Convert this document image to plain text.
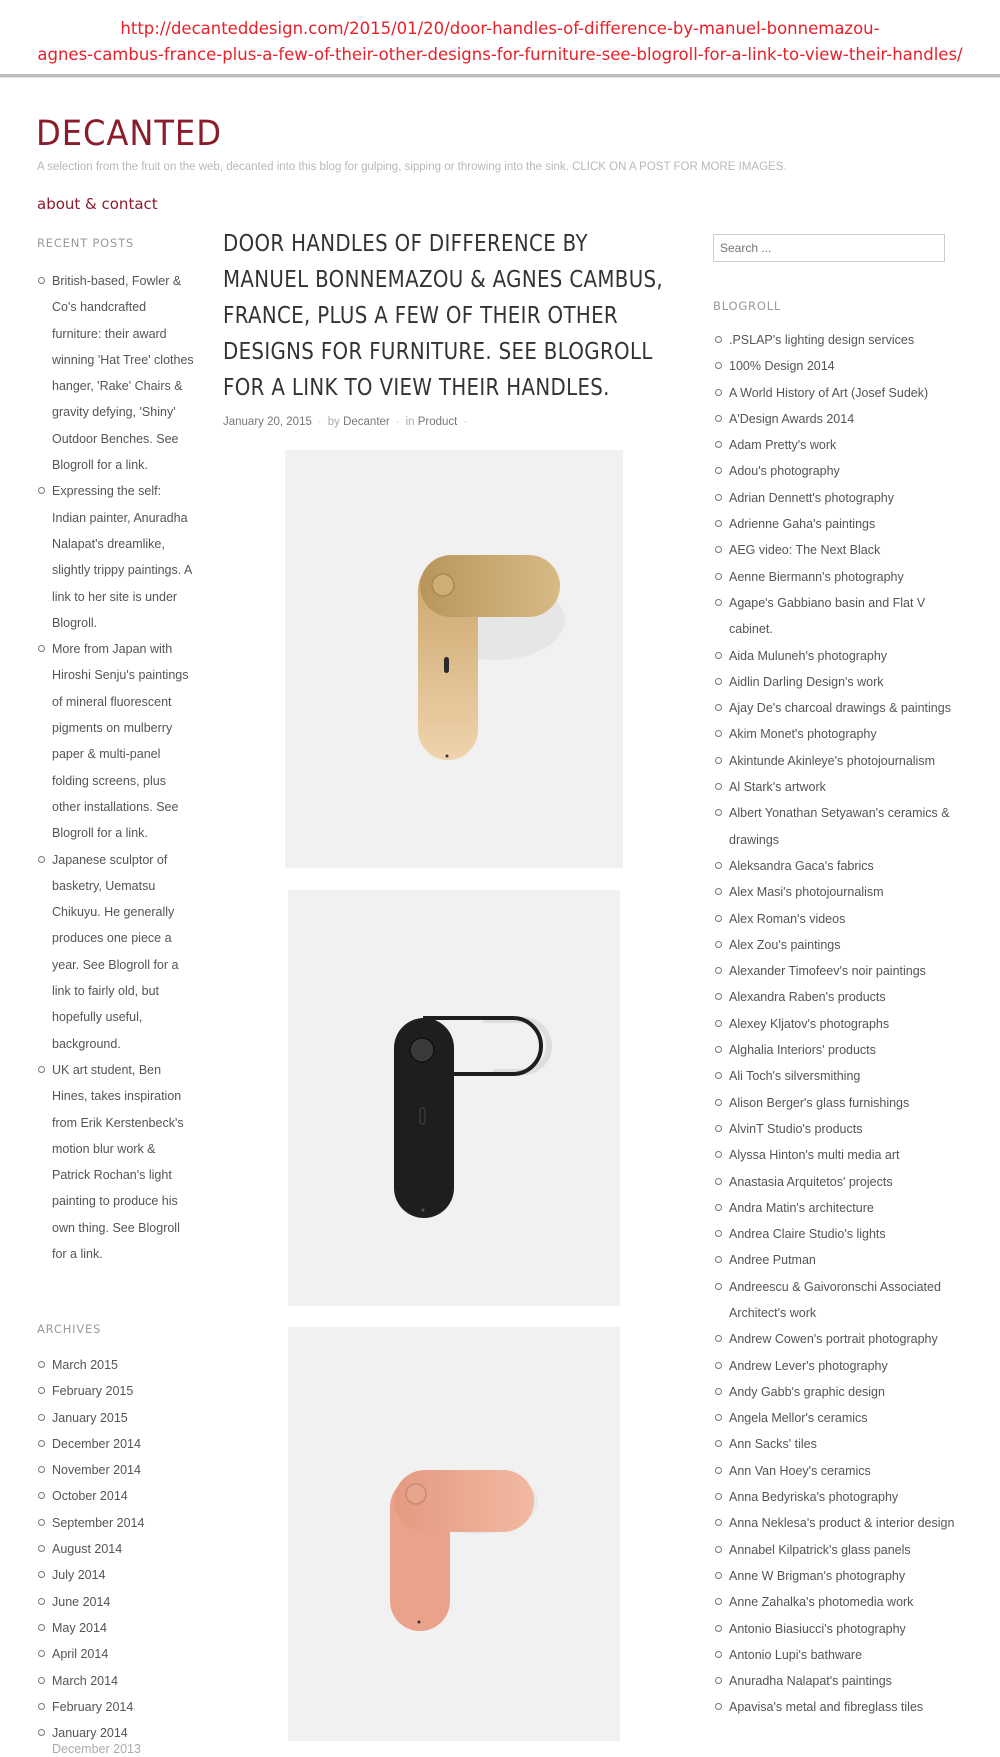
http://decanteddesign.com/2015/01/20/door-handles-of-difference-by-manuel-bonnemazou-
agnes-cambus-france-plus-a-few-of-their-other-designs-for-furniture-see-blogroll-for-a-link-to-view-their-handles/
DECANTED
A selection from the fruit on the web, decanted into this blog for gulping, sipping or throwing into the sink. CLICK ON A POST FOR MORE IMAGES.
about & contact
RECENT POSTS
British-based, Fowler & Co's handcrafted furniture: their award winning 'Hat Tree' clothes hanger, 'Rake' Chairs & gravity defying, 'Shiny' Outdoor Benches. See Blogroll for a link.
Expressing the self: Indian painter, Anuradha Nalapat's dreamlike, slightly trippy paintings. A link to her site is under Blogroll.
More from Japan with Hiroshi Senju's paintings of mineral fluorescent pigments on mulberry paper & multi-panel folding screens, plus other installations. See Blogroll for a link.
Japanese sculptor of basketry, Uematsu Chikuyu. He generally produces one piece a year. See Blogroll for a link to fairly old, but hopefully useful, background.
UK art student, Ben Hines, takes inspiration from Erik Kerstenbeck's motion blur work & Patrick Rochan's light painting to produce his own thing. See Blogroll for a link.
ARCHIVES
March 2015
February 2015
January 2015
December 2014
November 2014
October 2014
September 2014
August 2014
July 2014
June 2014
May 2014
April 2014
March 2014
February 2014
January 2014
December 2013
DOOR HANDLES OF DIFFERENCE BY MANUEL BONNEMAZOU & AGNES CAMBUS, FRANCE, PLUS A FEW OF THEIR OTHER DESIGNS FOR FURNITURE. SEE BLOGROLL FOR A LINK TO VIEW THEIR HANDLES.
January 20, 2015 · by Decanter · in Product ·
Search ...
BLOGROLL
.PSLAP's lighting design services
100% Design 2014
A World History of Art (Josef Sudek)
A'Design Awards 2014
Adam Pretty's work
Adou's photography
Adrian Dennett's photography
Adrienne Gaha's paintings
AEG video: The Next Black
Aenne Biermann's photography
Agape's Gabbiano basin and Flat V cabinet.
Aida Muluneh's photography
Aidlin Darling Design's work
Ajay De's charcoal drawings & paintings
Akim Monet's photography
Akintunde Akinleye's photojournalism
Al Stark's artwork
Albert Yonathan Setyawan's ceramics & drawings
Aleksandra Gaca's fabrics
Alex Masi's photojournalism
Alex Roman's videos
Alex Zou's paintings
Alexander Timofeev's noir paintings
Alexandra Raben's products
Alexey Kljatov's photographs
Alghalia Interiors' products
Ali Toch's silversmithing
Alison Berger's glass furnishings
AlvinT Studio's products
Alyssa Hinton's multi media art
Anastasia Arquitetos' projects
Andra Matin's architecture
Andrea Claire Studio's lights
Andree Putman
Andreescu & Gaivoronschi Associated Architect's work
Andrew Cowen's portrait photography
Andrew Lever's photography
Andy Gabb's graphic design
Angela Mellor's ceramics
Ann Sacks' tiles
Ann Van Hoey's ceramics
Anna Bedyriska's photography
Anna Neklesa's product & interior design
Annabel Kilpatrick's glass panels
Anne W Brigman's photography
Anne Zahalka's photomedia work
Antonio Biasiucci's photography
Antonio Lupi's bathware
Anuradha Nalapat's paintings
Apavisa's metal and fibreglass tiles
